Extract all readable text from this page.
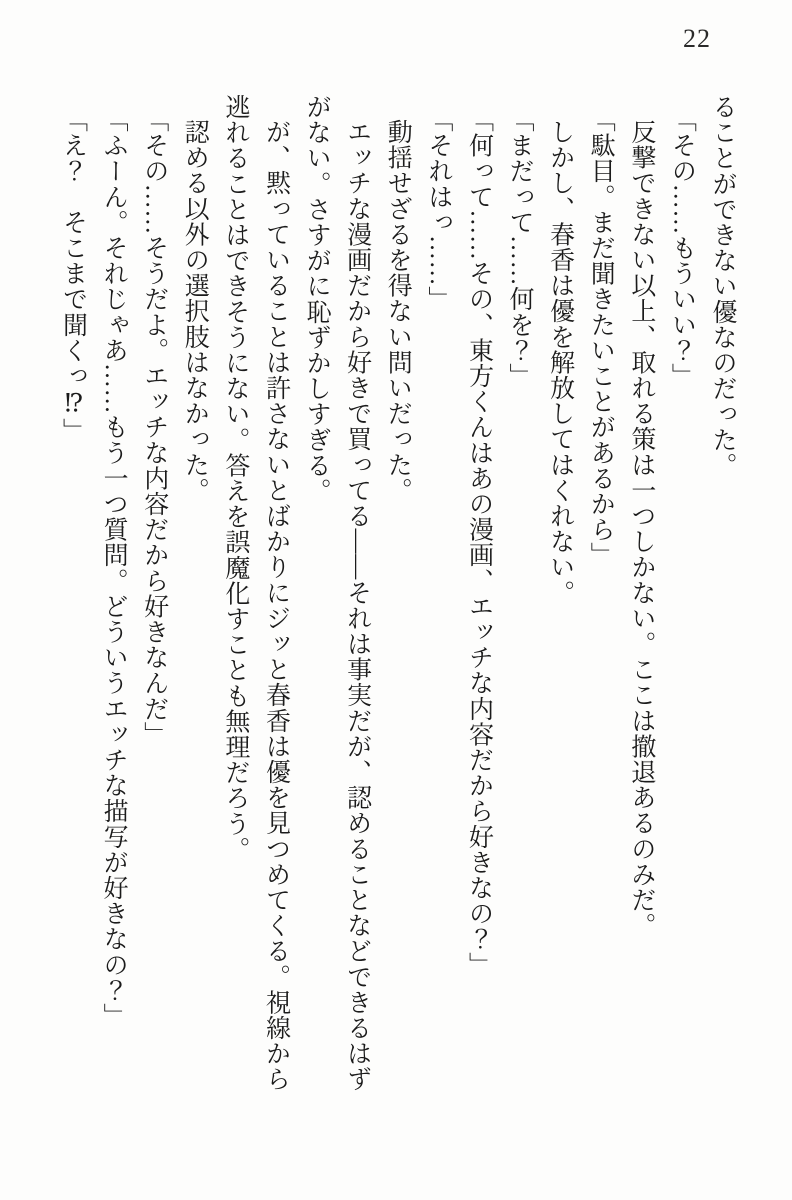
22

ることができない優なのだった。

「その……もういい？」

反撃できない以上、取れる策は一つしかない。ここは撤退あるのみだ。

「駄目。まだ聞きたいことがあるから」

しかし、春香は優を解放してはくれない。

「まだって……何を？」

「何って……その、東方くんはあの漫画、エッチな内容だから好きなの？」

「それはっ……」

動揺せざるを得ない問いだった。

エッチな漫画だから好きで買ってる——それは事実だが、認めることなどできるはずがない。さすがに恥ずかしすぎる。

が、黙っていることは許さないとばかりにジッと春香は優を見つめてくる。視線から逃れることはできそうにない。答えを誤魔化すことも無理だろう。

認める以外の選択肢はなかった。

「その……そうだよ。エッチな内容だから好きなんだ」

「ふーん。それじゃあ……もう一つ質問。どういうエッチな描写が好きなの？」

「え？　そこまで聞くっ⁉」
